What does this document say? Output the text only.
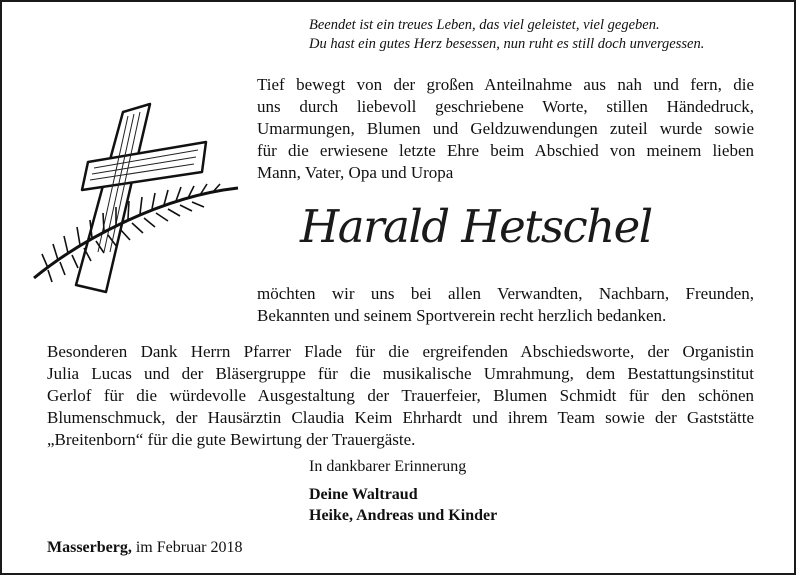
Beendet ist ein treues Leben, das viel geleistet, viel gegeben.
Du hast ein gutes Herz besessen, nun ruht es still doch unvergessen.
Tief bewegt von der großen Anteilnahme aus nah und fern, die
uns durch liebevoll geschriebene Worte, stillen Händedruck,
Umarmungen, Blumen und Geldzuwendungen zuteil wurde sowie
für die erwiesene letzte Ehre beim Abschied von meinem lieben
Mann, Vater, Opa und Uropa
Harald Hetschel
möchten wir uns bei allen Verwandten, Nachbarn, Freunden,
Bekannten und seinem Sportverein recht herzlich bedanken.
Besonderen Dank Herrn Pfarrer Flade für die ergreifenden Abschiedsworte, der Organistin
Julia Lucas und der Bläsergruppe für die musikalische Umrahmung, dem Bestattungsinstitut
Gerlof für die würdevolle Ausgestaltung der Trauerfeier, Blumen Schmidt für den schönen
Blumenschmuck, der Hausärztin Claudia Keim Ehrhardt und ihrem Team sowie der Gaststätte
„Breitenborn“ für die gute Bewirtung der Trauergäste.
In dankbarer Erinnerung
Deine Waltraud
Heike, Andreas und Kinder
Masserberg, im Februar 2018
